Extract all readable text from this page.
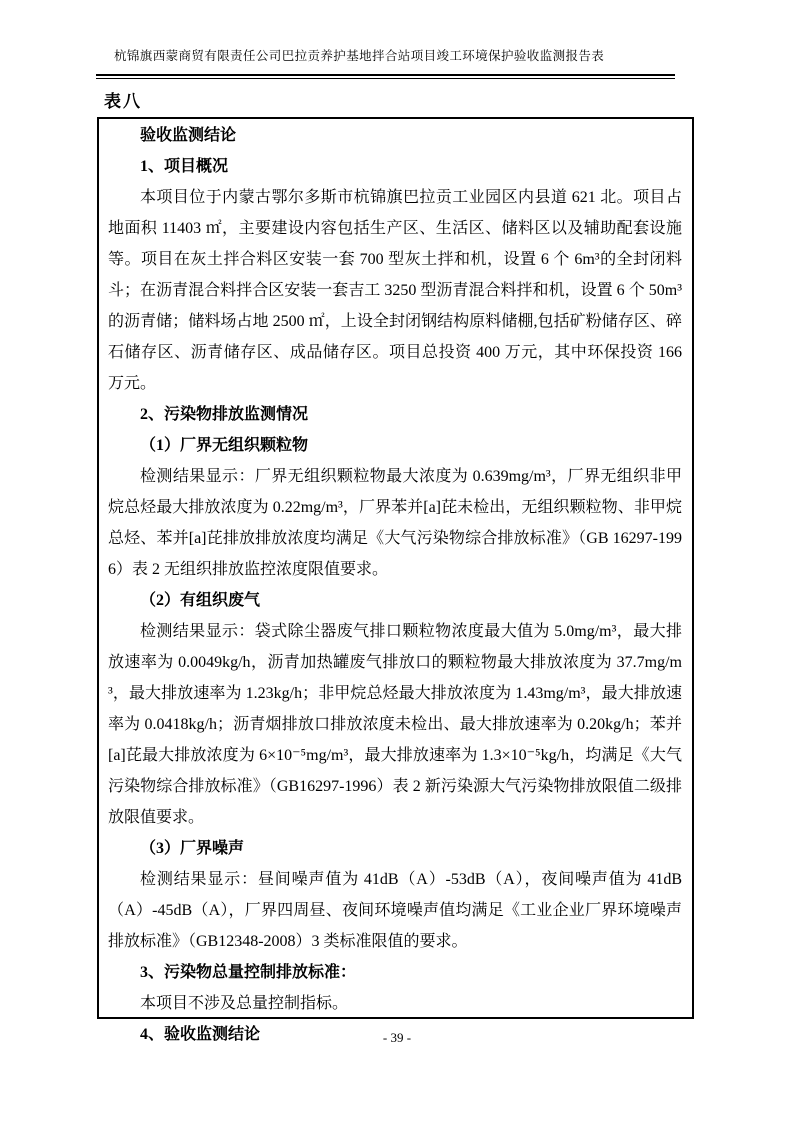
杭锦旗西蒙商贸有限责任公司巴拉贡养护基地拌合站项目竣工环境保护验收监测报告表
表八

验收监测结论

1、项目概况

本项目位于内蒙古鄂尔多斯市杭锦旗巴拉贡工业园区内县道 621 北。项目占地面积 11403 ㎡，主要建设内容包括生产区、生活区、储料区以及辅助配套设施等。项目在灰土拌合料区安装一套 700 型灰土拌和机，设置 6 个 6m³的全封闭料斗；在沥青混合料拌合区安装一套吉工 3250 型沥青混合料拌和机，设置 6 个 50m³的沥青储；储料场占地 2500 ㎡，上设全封闭钢结构原料储棚,包括矿粉储存区、碎石储存区、沥青储存区、成品储存区。项目总投资 400 万元，其中环保投资 166 万元。

2、污染物排放监测情况

（1）厂界无组织颗粒物

检测结果显示：厂界无组织颗粒物最大浓度为 0.639mg/m³，厂界无组织非甲烷总烃最大排放浓度为 0.22mg/m³，厂界苯并[a]芘未检出，无组织颗粒物、非甲烷总烃、苯并[a]芘排放排放浓度均满足《大气污染物综合排放标准》（GB 16297-1996）表 2 无组织排放监控浓度限值要求。

（2）有组织废气

检测结果显示：袋式除尘器废气排口颗粒物浓度最大值为 5.0mg/m³，最大排放速率为 0.0049kg/h，沥青加热罐废气排放口的颗粒物最大排放浓度为 37.7mg/m³，最大排放速率为 1.23kg/h；非甲烷总烃最大排放浓度为 1.43mg/m³，最大排放速率为 0.0418kg/h；沥青烟排放口排放浓度未检出、最大排放速率为 0.20kg/h；苯并[a]芘最大排放浓度为 6×10⁻⁵mg/m³，最大排放速率为 1.3×10⁻⁵kg/h，均满足《大气污染物综合排放标准》（GB16297-1996）表 2 新污染源大气污染物排放限值二级排放限值要求。

（3）厂界噪声

检测结果显示：昼间噪声值为 41dB（A）-53dB（A），夜间噪声值为 41dB（A）-45dB（A），厂界四周昼、夜间环境噪声值均满足《工业企业厂界环境噪声排放标准》（GB12348-2008）3 类标准限值的要求。

3、污染物总量控制排放标准：

本项目不涉及总量控制指标。

4、验收监测结论	- 39 -
